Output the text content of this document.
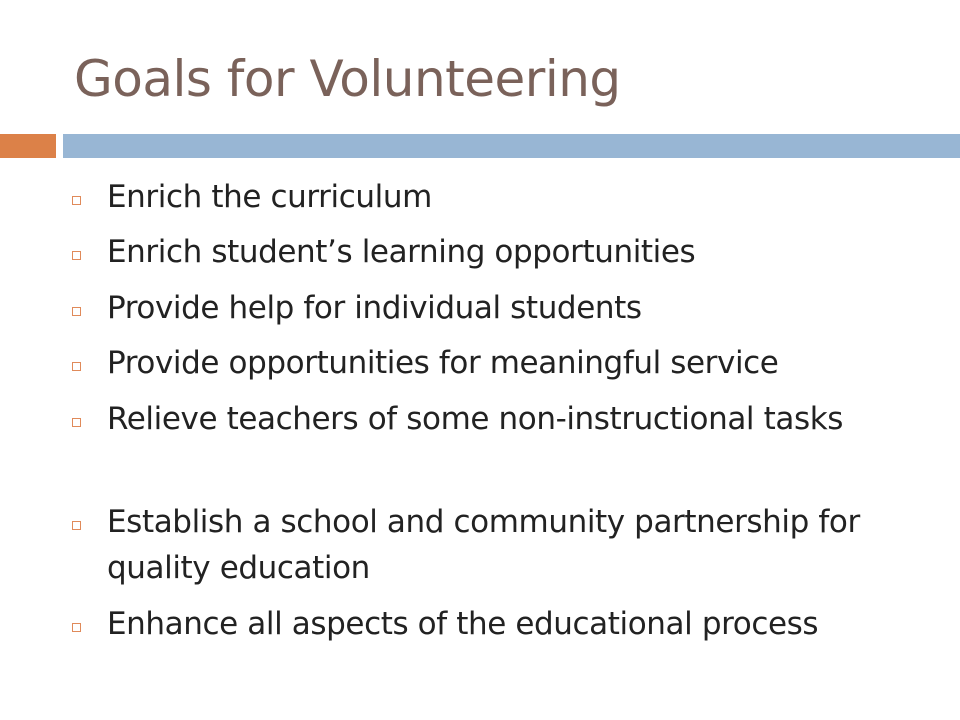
Goals for Volunteering
Enrich the curriculum
Enrich student’s learning opportunities
Provide help for individual students
Provide opportunities for meaningful service
Relieve teachers of some non-instructional tasks
Establish a school and community partnership for quality education
Enhance all aspects of the educational process
